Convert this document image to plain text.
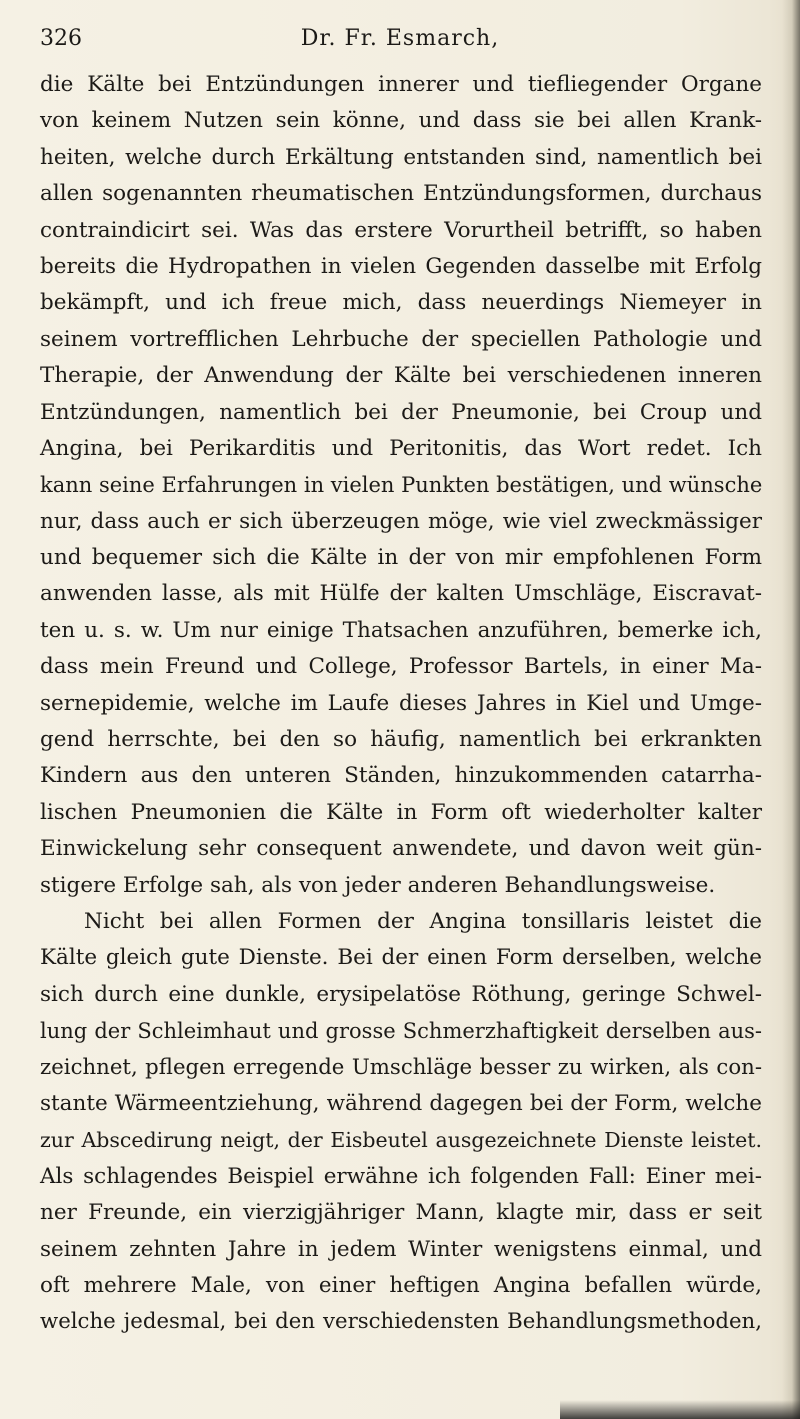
326	Dr. Fr. Esmarch,
die Kälte bei Entzündungen innerer und tiefliegender Organe
von keinem Nutzen sein könne, und dass sie bei allen Krank-
heiten, welche durch Erkältung entstanden sind, namentlich bei
allen sogenannten rheumatischen Entzündungsformen, durchaus
contraindicirt sei. Was das erstere Vorurtheil betrifft, so haben
bereits die Hydropathen in vielen Gegenden dasselbe mit Erfolg
bekämpft, und ich freue mich, dass neuerdings Niemeyer in
seinem vortrefflichen Lehrbuche der speciellen Pathologie und
Therapie, der Anwendung der Kälte bei verschiedenen inneren
Entzündungen, namentlich bei der Pneumonie, bei Croup und
Angina, bei Perikarditis und Peritonitis, das Wort redet. Ich
kann seine Erfahrungen in vielen Punkten bestätigen, und wünsche
nur, dass auch er sich überzeugen möge, wie viel zweckmässiger
und bequemer sich die Kälte in der von mir empfohlenen Form
anwenden lasse, als mit Hülfe der kalten Umschläge, Eiscravat-
ten u. s. w. Um nur einige Thatsachen anzuführen, bemerke ich,
dass mein Freund und College, Professor Bartels, in einer Ma-
sernepidemie, welche im Laufe dieses Jahres in Kiel und Umge-
gend herrschte, bei den so häufig, namentlich bei erkrankten
Kindern aus den unteren Ständen, hinzukommenden catarrha-
lischen Pneumonien die Kälte in Form oft wiederholter kalter
Einwickelung sehr consequent anwendete, und davon weit gün-
stigere Erfolge sah, als von jeder anderen Behandlungsweise.
Nicht bei allen Formen der Angina tonsillaris leistet die
Kälte gleich gute Dienste. Bei der einen Form derselben, welche
sich durch eine dunkle, erysipelatöse Röthung, geringe Schwel-
lung der Schleimhaut und grosse Schmerzhaftigkeit derselben aus-
zeichnet, pflegen erregende Umschläge besser zu wirken, als con-
stante Wärmeentziehung, während dagegen bei der Form, welche
zur Abscedirung neigt, der Eisbeutel ausgezeichnete Dienste leistet.
Als schlagendes Beispiel erwähne ich folgenden Fall: Einer mei-
ner Freunde, ein vierzigjähriger Mann, klagte mir, dass er seit
seinem zehnten Jahre in jedem Winter wenigstens einmal, und
oft mehrere Male, von einer heftigen Angina befallen würde,
welche jedesmal, bei den verschiedensten Behandlungsmethoden,
